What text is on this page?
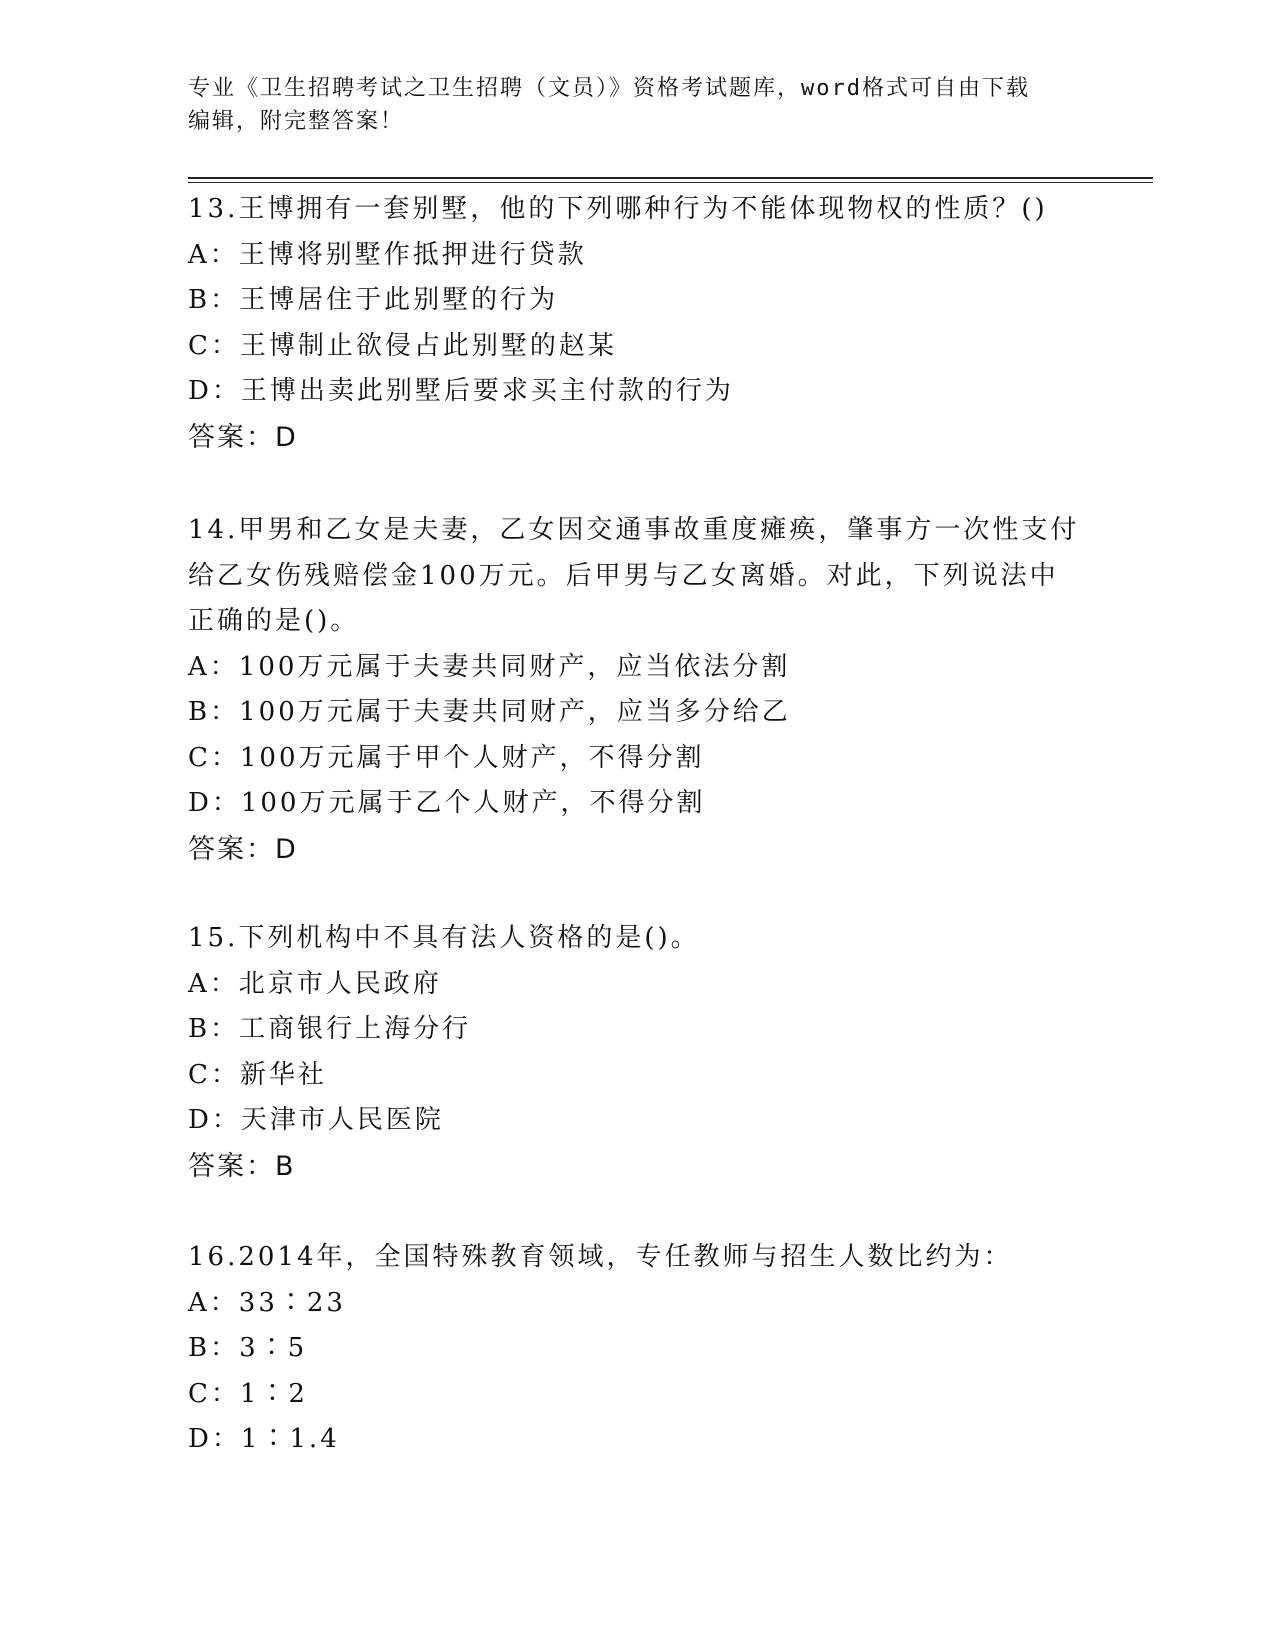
专业《卫生招聘考试之卫生招聘（文员）》资格考试题库，word格式可自由下载
编辑，附完整答案！
13.王博拥有一套别墅，他的下列哪种行为不能体现物权的性质？()
A：王博将别墅作抵押进行贷款
B：王博居住于此别墅的行为
C：王博制止欲侵占此别墅的赵某
D：王博出卖此别墅后要求买主付款的行为
答案：D
14.甲男和乙女是夫妻，乙女因交通事故重度瘫痪，肇事方一次性支付
给乙女伤残赔偿金100万元。后甲男与乙女离婚。对此，下列说法中
正确的是()。
A：100万元属于夫妻共同财产，应当依法分割
B：100万元属于夫妻共同财产，应当多分给乙
C：100万元属于甲个人财产，不得分割
D：100万元属于乙个人财产，不得分割
答案：D
15.下列机构中不具有法人资格的是()。
A：北京市人民政府
B：工商银行上海分行
C：新华社
D：天津市人民医院
答案：B
16.2014年，全国特殊教育领域，专任教师与招生人数比约为：
A：33∶23
B：3∶5
C：1∶2
D：1∶1.4
